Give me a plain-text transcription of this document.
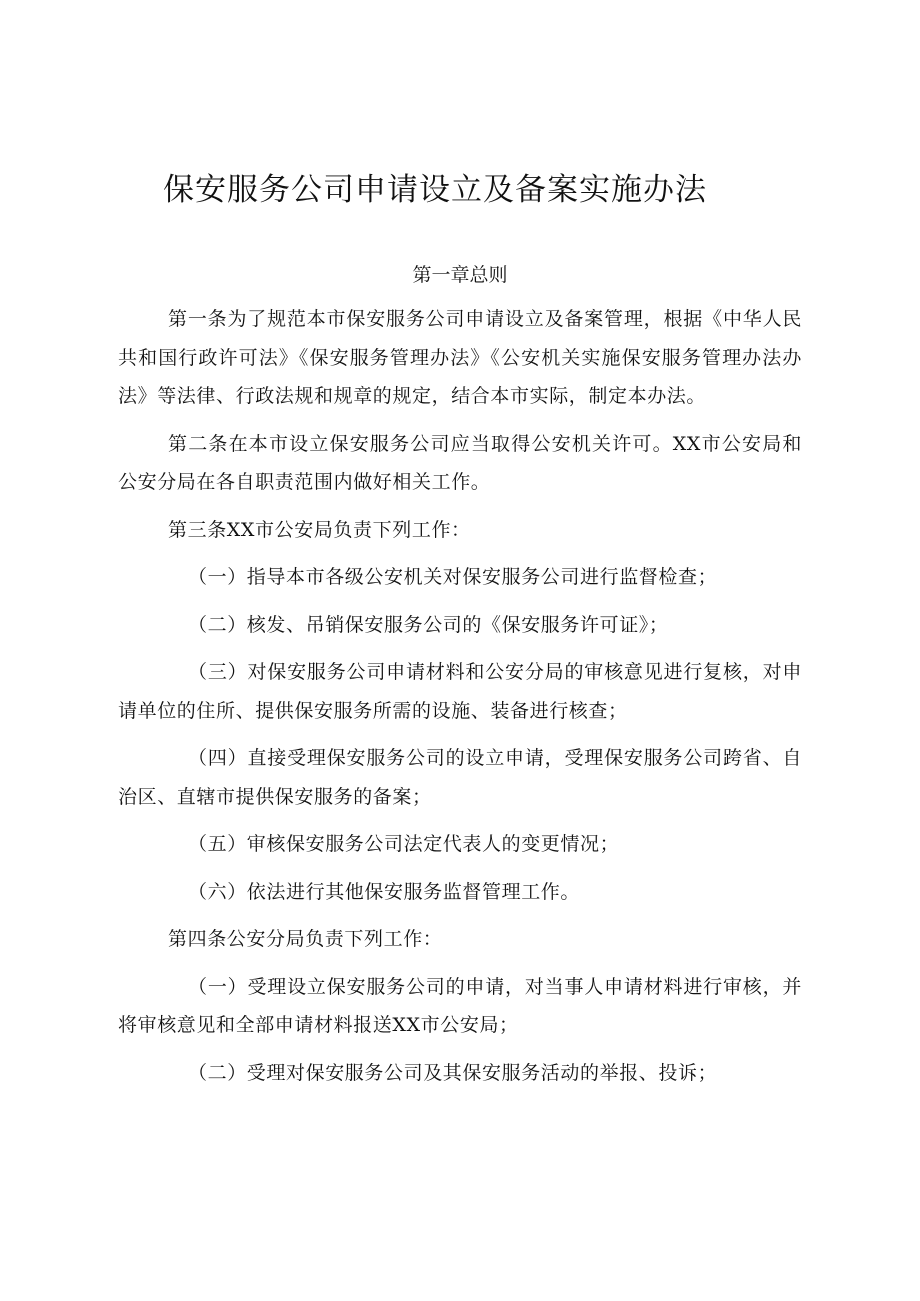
保安服务公司申请设立及备案实施办法
第一章总则

第一条为了规范本市保安服务公司申请设立及备案管理，根据《中华人民共和国行政许可法》《保安服务管理办法》《公安机关实施保安服务管理办法办法》等法律、行政法规和规章的规定，结合本市实际，制定本办法。

第二条在本市设立保安服务公司应当取得公安机关许可。XX市公安局和公安分局在各自职责范围内做好相关工作。

第三条XX市公安局负责下列工作：

（一）指导本市各级公安机关对保安服务公司进行监督检查；

（二）核发、吊销保安服务公司的《保安服务许可证》；

（三）对保安服务公司申请材料和公安分局的审核意见进行复核，对申请单位的住所、提供保安服务所需的设施、装备进行核查；

（四）直接受理保安服务公司的设立申请，受理保安服务公司跨省、自治区、直辖市提供保安服务的备案；

（五）审核保安服务公司法定代表人的变更情况；

（六）依法进行其他保安服务监督管理工作。

第四条公安分局负责下列工作：

（一）受理设立保安服务公司的申请，对当事人申请材料进行审核，并将审核意见和全部申请材料报送XX市公安局；

（二）受理对保安服务公司及其保安服务活动的举报、投诉；
